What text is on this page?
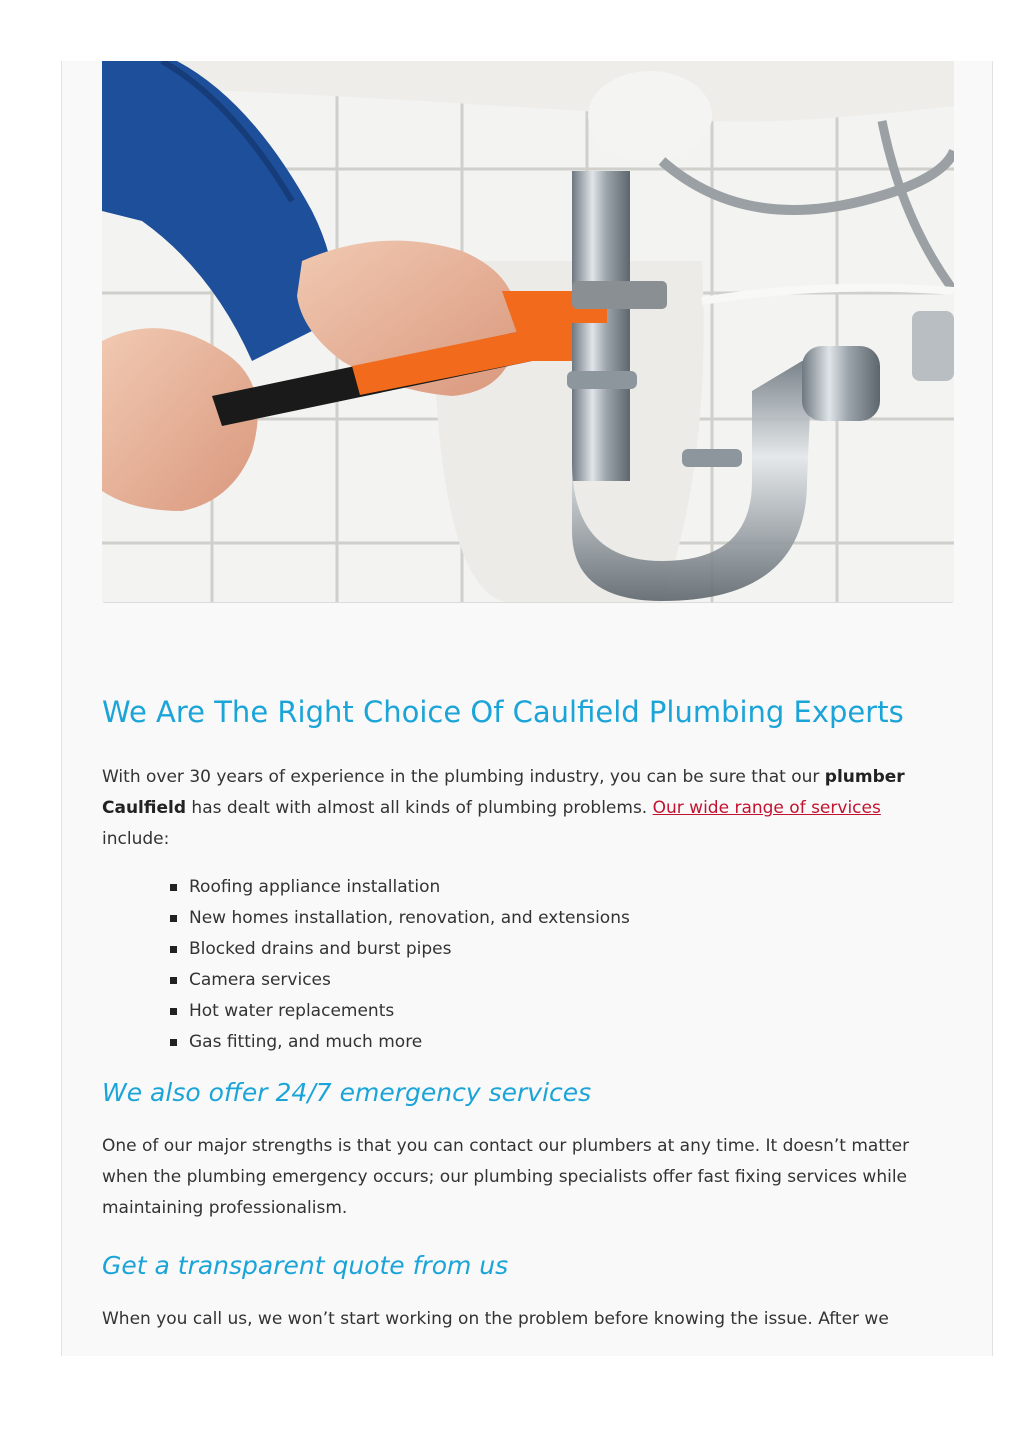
We Are The Right Choice Of Caulfield Plumbing Experts

With over 30 years of experience in the plumbing industry, you can be sure that our plumber Caulfield has dealt with almost all kinds of plumbing problems. Our wide range of services include:

Roofing appliance installation
New homes installation, renovation, and extensions
Blocked drains and burst pipes
Camera services
Hot water replacements
Gas fitting, and much more
We also offer 24/7 emergency services

One of our major strengths is that you can contact our plumbers at any time. It doesn’t matter when the plumbing emergency occurs; our plumbing specialists offer fast fixing services while maintaining professionalism.

Get a transparent quote from us

When you call us, we won’t start working on the problem before knowing the issue. After we
